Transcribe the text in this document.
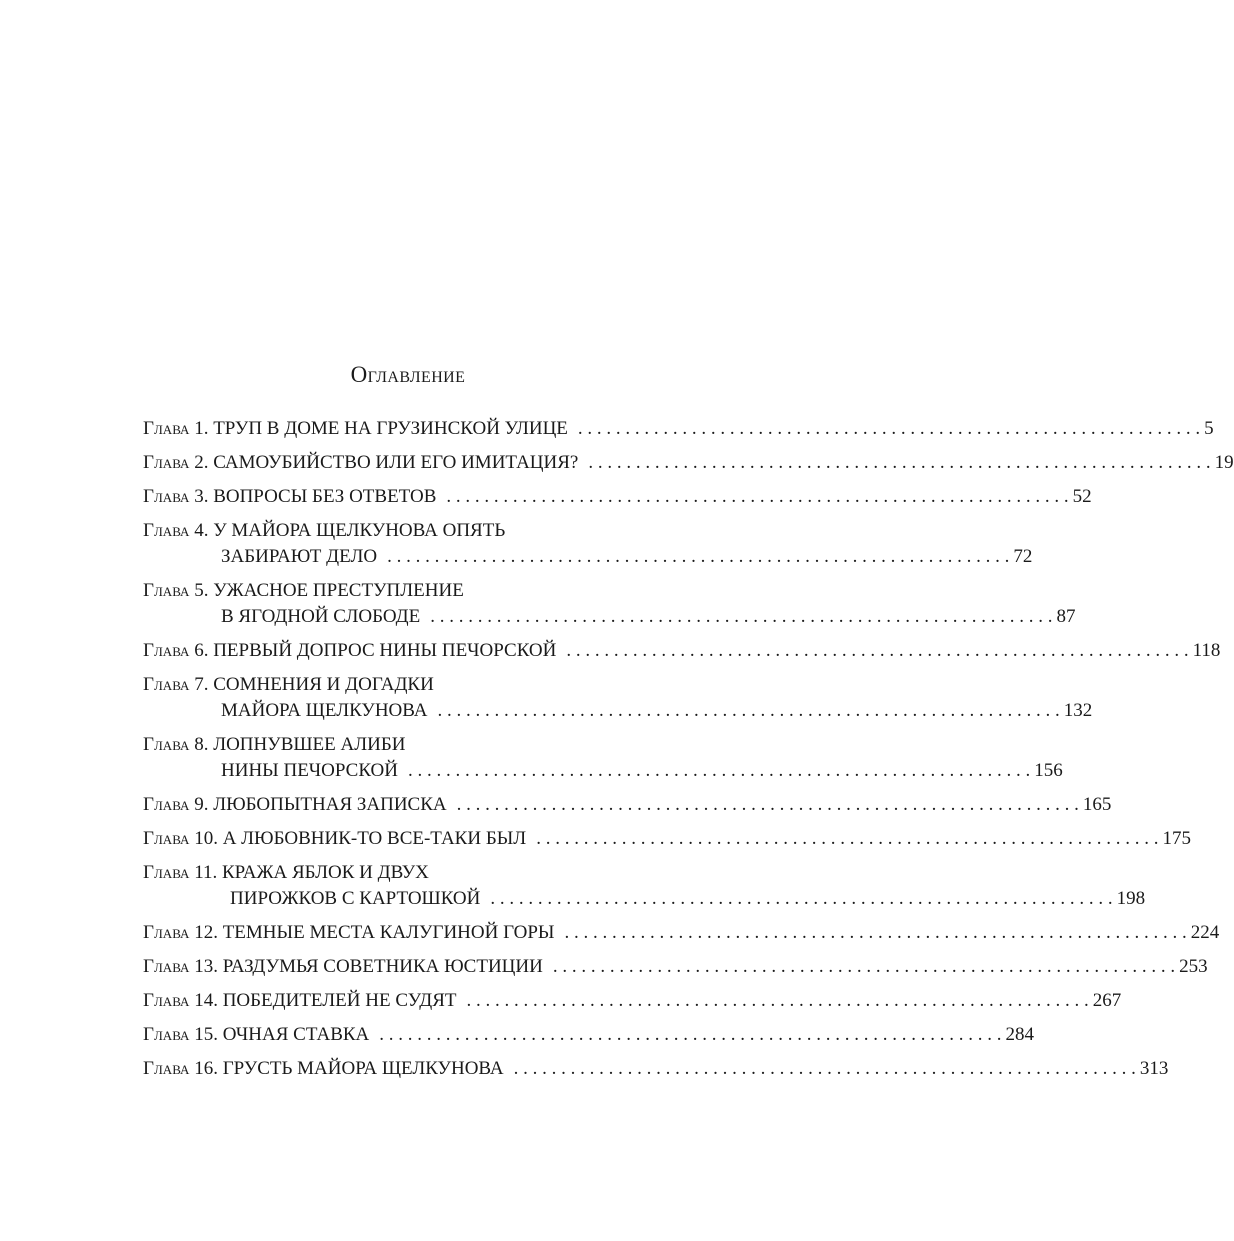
Оглавление
Глава 1. ТРУП В ДОМЕ НА ГРУЗИНСКОЙ УЛИЦЕ . . . . . . . . . . . . . . . . . . . . . . . . . . . . . . . . . . . . . . . . . . . . . . . . . . . . . . . . . . . . . . . . . . 5
Глава 2. САМОУБИЙСТВО ИЛИ ЕГО ИМИТАЦИЯ? . . . . . . . . . . . . . . . . . . . . . . . . . . . . . . . . . . . . . . . . . . . . . . . . . . . . . . . . . . . . . . . . . . 19
Глава 3. ВОПРОСЫ БЕЗ ОТВЕТОВ . . . . . . . . . . . . . . . . . . . . . . . . . . . . . . . . . . . . . . . . . . . . . . . . . . . . . . . . . . . . . . . . . . 52
Глава 4. У МАЙОРА ЩЕЛКУНОВА ОПЯТЬ
ЗАБИРАЮТ ДЕЛО . . . . . . . . . . . . . . . . . . . . . . . . . . . . . . . . . . . . . . . . . . . . . . . . . . . . . . . . . . . . . . . . . . 72
Глава 5. УЖАСНОЕ ПРЕСТУПЛЕНИЕ
В ЯГОДНОЙ СЛОБОДЕ . . . . . . . . . . . . . . . . . . . . . . . . . . . . . . . . . . . . . . . . . . . . . . . . . . . . . . . . . . . . . . . . . . 87
Глава 6. ПЕРВЫЙ ДОПРОС НИНЫ ПЕЧОРСКОЙ . . . . . . . . . . . . . . . . . . . . . . . . . . . . . . . . . . . . . . . . . . . . . . . . . . . . . . . . . . . . . . . . . . 118
Глава 7. СОМНЕНИЯ И ДОГАДКИ
МАЙОРА ЩЕЛКУНОВА . . . . . . . . . . . . . . . . . . . . . . . . . . . . . . . . . . . . . . . . . . . . . . . . . . . . . . . . . . . . . . . . . . 132
Глава 8. ЛОПНУВШЕЕ АЛИБИ
НИНЫ ПЕЧОРСКОЙ . . . . . . . . . . . . . . . . . . . . . . . . . . . . . . . . . . . . . . . . . . . . . . . . . . . . . . . . . . . . . . . . . . 156
Глава 9. ЛЮБОПЫТНАЯ ЗАПИСКА . . . . . . . . . . . . . . . . . . . . . . . . . . . . . . . . . . . . . . . . . . . . . . . . . . . . . . . . . . . . . . . . . . 165
Глава 10. А ЛЮБОВНИК-ТО ВСЕ-ТАКИ БЫЛ . . . . . . . . . . . . . . . . . . . . . . . . . . . . . . . . . . . . . . . . . . . . . . . . . . . . . . . . . . . . . . . . . . 175
Глава 11. КРАЖА ЯБЛОК И ДВУХ
ПИРОЖКОВ С КАРТОШКОЙ . . . . . . . . . . . . . . . . . . . . . . . . . . . . . . . . . . . . . . . . . . . . . . . . . . . . . . . . . . . . . . . . . . 198
Глава 12. ТЕМНЫЕ МЕСТА КАЛУГИНОЙ ГОРЫ . . . . . . . . . . . . . . . . . . . . . . . . . . . . . . . . . . . . . . . . . . . . . . . . . . . . . . . . . . . . . . . . . . 224
Глава 13. РАЗДУМЬЯ СОВЕТНИКА ЮСТИЦИИ . . . . . . . . . . . . . . . . . . . . . . . . . . . . . . . . . . . . . . . . . . . . . . . . . . . . . . . . . . . . . . . . . . 253
Глава 14. ПОБЕДИТЕЛЕЙ НЕ СУДЯТ . . . . . . . . . . . . . . . . . . . . . . . . . . . . . . . . . . . . . . . . . . . . . . . . . . . . . . . . . . . . . . . . . . 267
Глава 15. ОЧНАЯ СТАВКА . . . . . . . . . . . . . . . . . . . . . . . . . . . . . . . . . . . . . . . . . . . . . . . . . . . . . . . . . . . . . . . . . . 284
Глава 16. ГРУСТЬ МАЙОРА ЩЕЛКУНОВА . . . . . . . . . . . . . . . . . . . . . . . . . . . . . . . . . . . . . . . . . . . . . . . . . . . . . . . . . . . . . . . . . . 313
